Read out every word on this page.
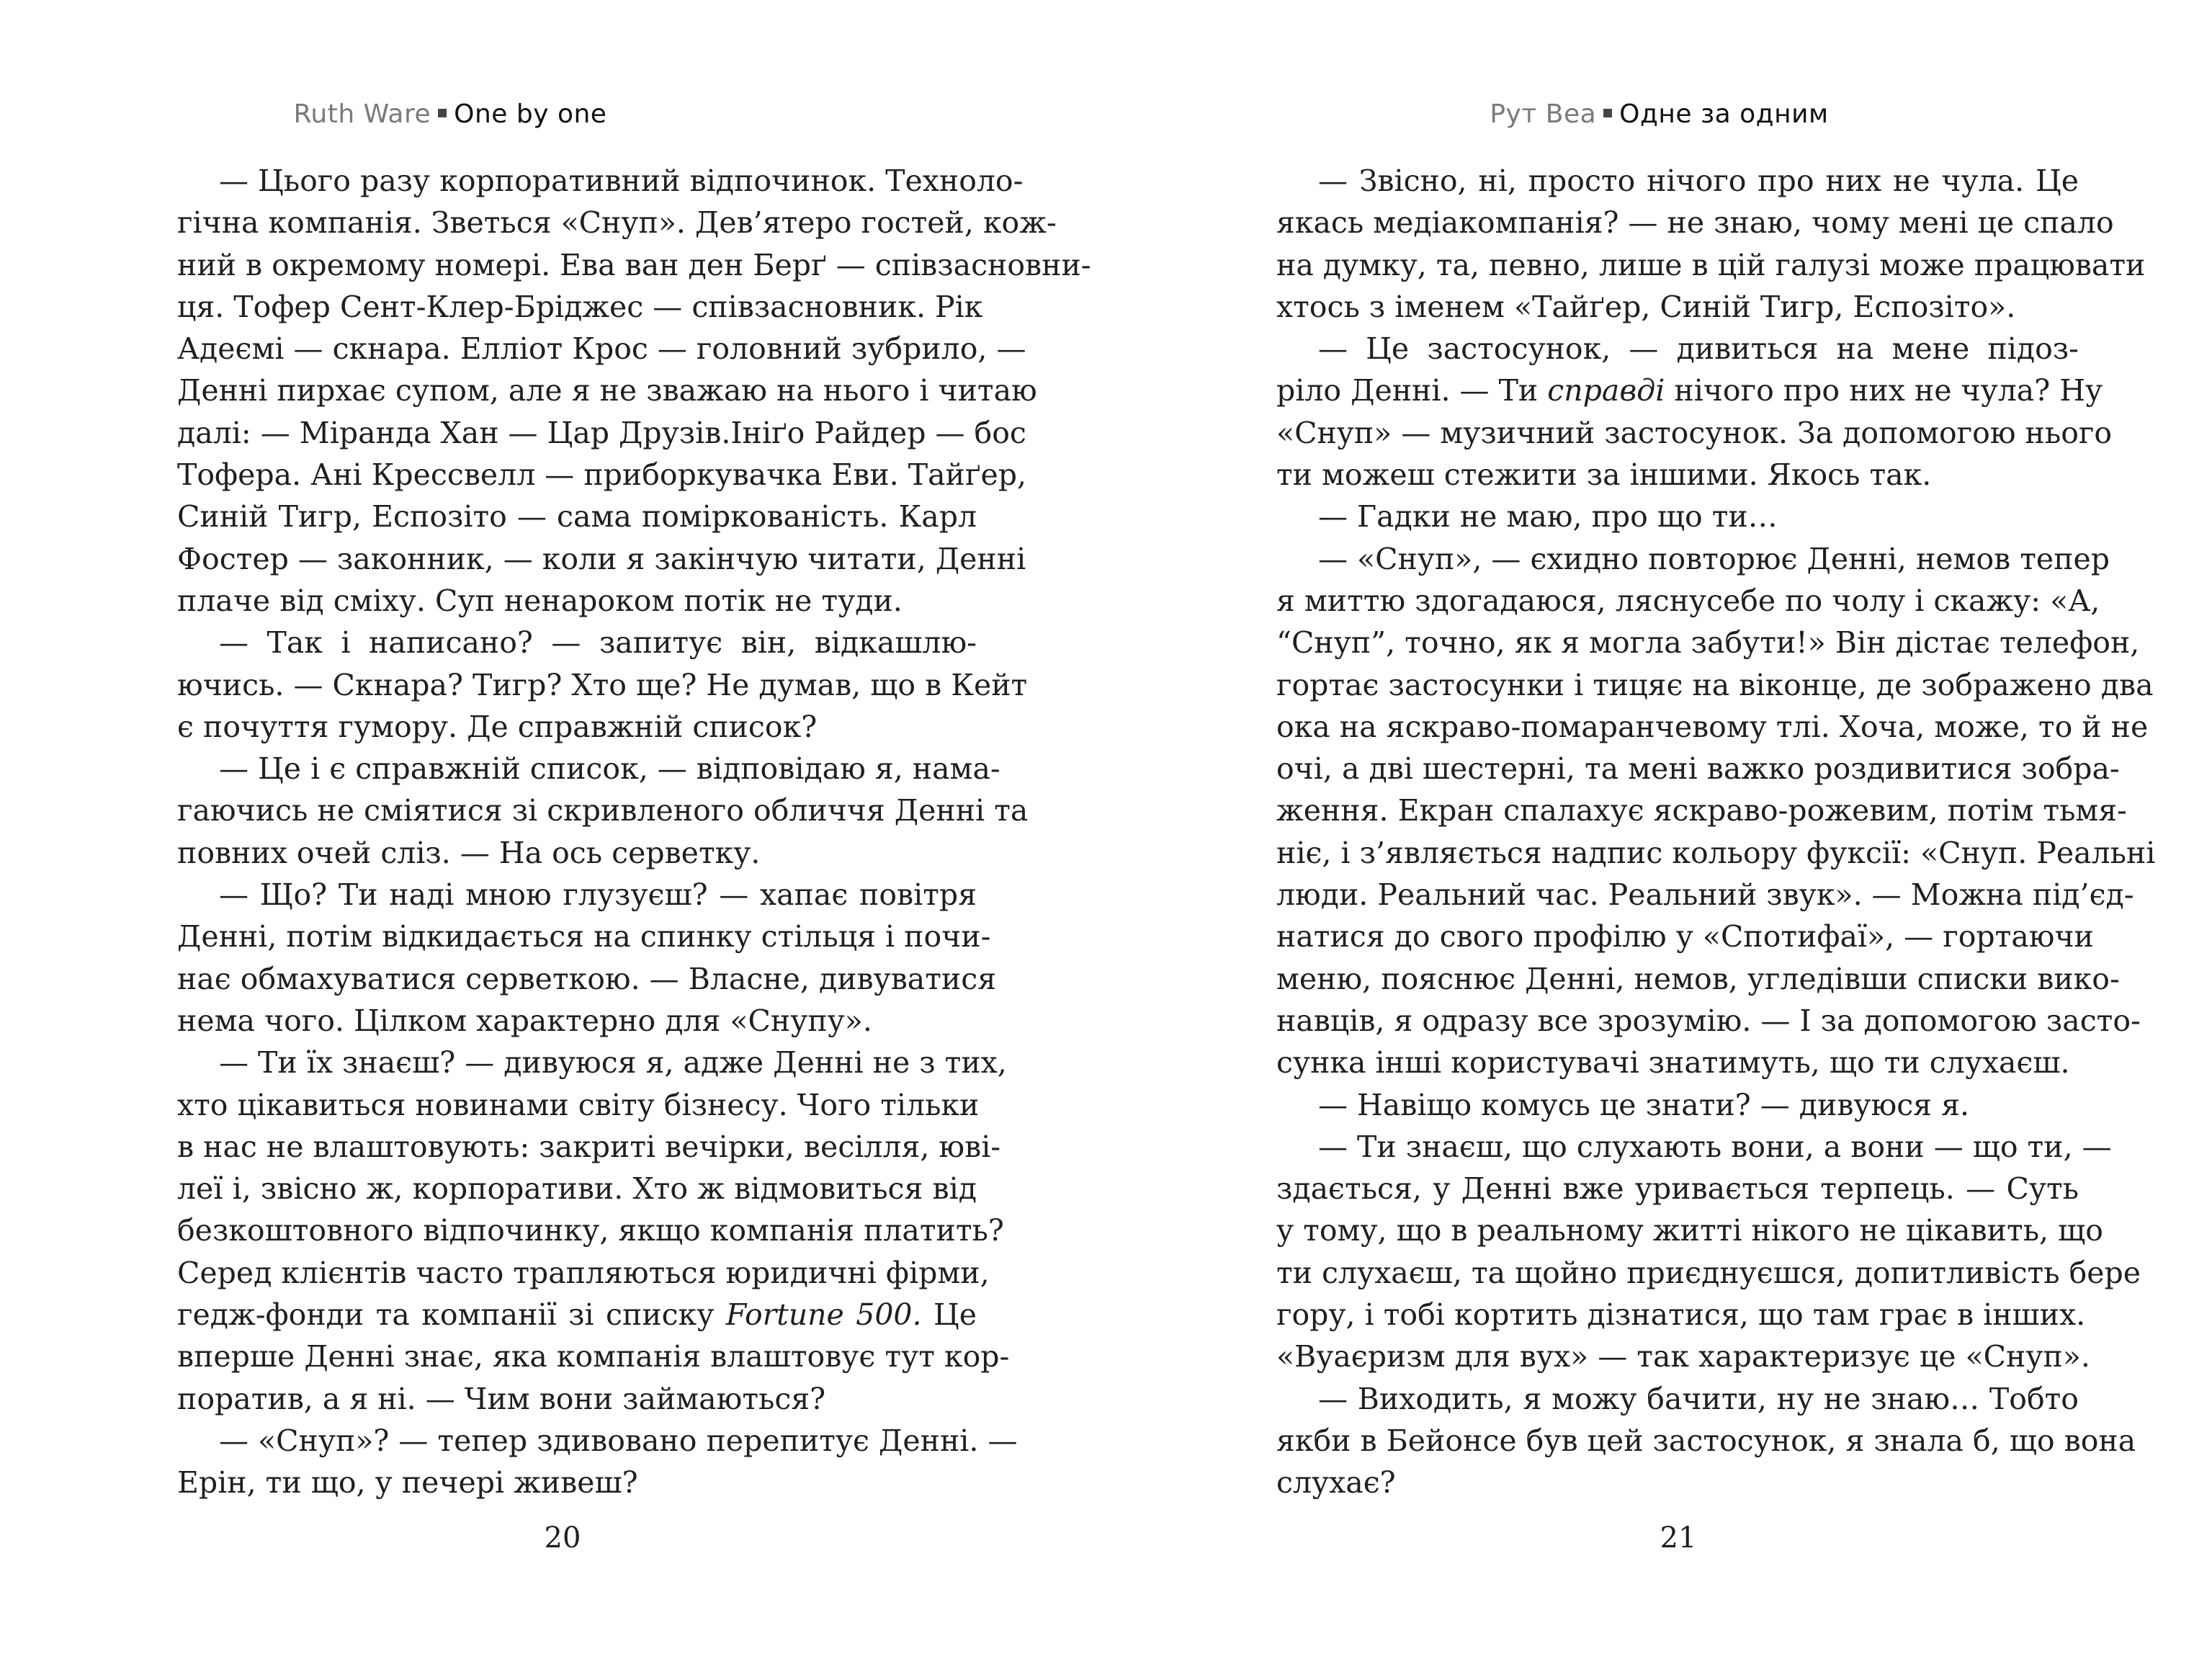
Ruth Ware One by one
— Цього разу корпоративний відпочинок. Техноло-
гічна компанія. Зветься «Снуп». Дев’ятеро гостей, кож-
ний в окремому номері. Ева ван ден Берґ — співзасновни-
ця. Тофер Сент-Клер-Бріджес — співзасновник. Рік
Адеємі — скнара. Елліот Крос — головний зубрило, —
Денні пирхає супом, але я не зважаю на нього і читаю
далі: — Міранда Хан — Цар Друзів.Ініґо Райдер — бос
Тофера. Ані Крессвелл — приборкувачка Еви. Тайґер,
Синій Тигр, Еспозіто — сама поміркованість. Карл
Фостер — законник, — коли я закінчую читати, Денні
плаче від сміху. Суп ненароком потік не туди.
— Так і написано? — запитує він, відкашлю-
ючись. — Скнара? Тигр? Хто ще? Не думав, що в Кейт
є почуття гумору. Де справжній список?
— Це і є справжній список, — відповідаю я, нама-
гаючись не сміятися зі скривленого обличчя Денні та
повних очей сліз. — На ось серветку.
— Що? Ти наді мною глузуєш? — хапає повітря
Денні, потім відкидається на спинку стільця і почи-
нає обмахуватися серветкою. — Власне, дивуватися
нема чого. Цілком характерно для «Снупу».
— Ти їх знаєш? — дивуюся я, адже Денні не з тих,
хто цікавиться новинами світу бізнесу. Чого тільки
в нас не влаштовують: закриті вечірки, весілля, юві-
леї і, звісно ж, корпоративи. Хто ж відмовиться від
безкоштовного відпочинку, якщо компанія платить?
Серед клієнтів часто трапляються юридичні фірми,
гедж-фонди та компанії зі списку Fortune 500. Це
вперше Денні знає, яка компанія влаштовує тут кор-
поратив, а я ні. — Чим вони займаються?
— «Снуп»? — тепер здивовано перепитує Денні. —
Ерін, ти що, у печері живеш?
20
Рут Веа Одне за одним
— Звісно, ні, просто нічого про них не чула. Це
якась медіакомпанія? — не знаю, чому мені це спало
на думку, та, певно, лише в цій галузі може працювати
хтось з іменем «Тайґер, Синій Тигр, Еспозіто».
— Це застосунок, — дивиться на мене підоз-
ріло Денні. — Ти справді нічого про них не чула? Ну
«Снуп» — музичний застосунок. За допомогою нього
ти можеш стежити за іншими. Якось так.
— Гадки не маю, про що ти…
— «Снуп», — єхидно повторює Денні, немов тепер
я миттю здогадаюся, ляснусебе по чолу і скажу: «А,
“Снуп”, точно, як я могла забути!» Він дістає телефон,
гортає застосунки і тицяє на віконце, де зображено два
ока на яскраво-помаранчевому тлі. Хоча, може, то й не
очі, а дві шестерні, та мені важко роздивитися зобра-
ження. Екран спалахує яскраво-рожевим, потім тьмя-
ніє, і з’являється надпис кольору фуксії: «Снуп. Реальні
люди. Реальний час. Реальний звук». — Можна під’єд-
натися до свого профілю у «Спотифаї», — гортаючи
меню, пояснює Денні, немов, угледівши списки вико-
навців, я одразу все зрозумію. — І за допомогою засто-
сунка інші користувачі знатимуть, що ти слухаєш.
— Навіщо комусь це знати? — дивуюся я.
— Ти знаєш, що слухають вони, а вони — що ти, —
здається, у Денні вже уривається терпець. — Суть
у тому, що в реальному житті нікого не цікавить, що
ти слухаєш, та щойно приєднуєшся, допитливість бере
гору, і тобі кортить дізнатися, що там грає в інших.
«Вуаєризм для вух» — так характеризує це «Снуп».
— Виходить, я можу бачити, ну не знаю… Тобто
якби в Бейонсе був цей застосунок, я знала б, що вона
слухає?
21
